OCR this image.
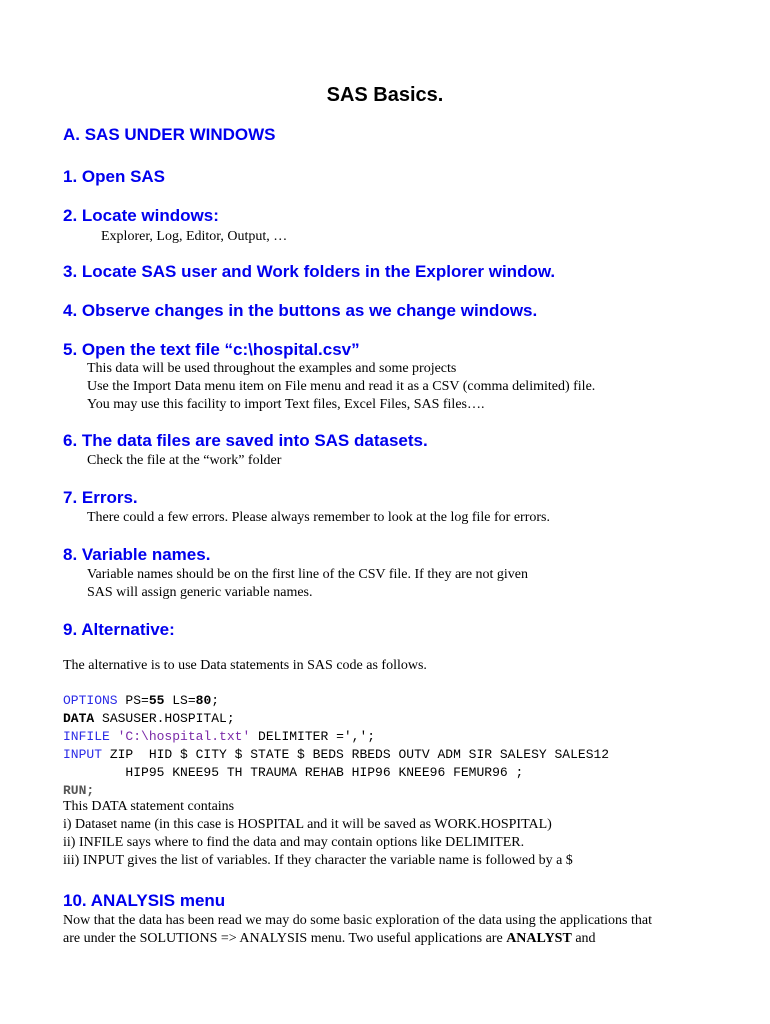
SAS Basics.
A. SAS UNDER WINDOWS
1. Open SAS
2. Locate windows:
Explorer, Log, Editor, Output, …
3. Locate SAS user and Work folders in the Explorer window.
4. Observe changes in the buttons as we change windows.
5. Open the text file “c:\hospital.csv”
This data will be used throughout the examples and some projects
Use the Import Data menu item on File menu and read it as a CSV (comma delimited) file.
You may use this facility to import Text files, Excel Files, SAS files….
6. The data files are saved into SAS datasets.
Check the file at the “work” folder
7. Errors.
There could a few errors. Please always remember to look at the log file for errors.
8. Variable names.
Variable names should be on the first line of the CSV file. If they are not given
SAS will assign generic variable names.
9. Alternative:
The alternative is to use Data statements in SAS code as follows.
OPTIONS PS=55 LS=80;
DATA SASUSER.HOSPITAL;
INFILE 'C:\hospital.txt' DELIMITER =',';
INPUT ZIP  HID $ CITY $ STATE $ BEDS RBEDS OUTV ADM SIR SALESY SALES12
HIP95 KNEE95 TH TRAUMA REHAB HIP96 KNEE96 FEMUR96 ;
RUN;
This DATA statement contains
i) Dataset name (in this case is HOSPITAL and it will be saved as WORK.HOSPITAL)
ii) INFILE says where to find the data and may contain options like DELIMITER.
iii) INPUT gives the list of variables. If they character the variable name is followed by a $
10. ANALYSIS menu
Now that the data has been read we may do some basic exploration of the data using the applications that
are under the SOLUTIONS => ANALYSIS menu. Two useful applications are ANALYST and
